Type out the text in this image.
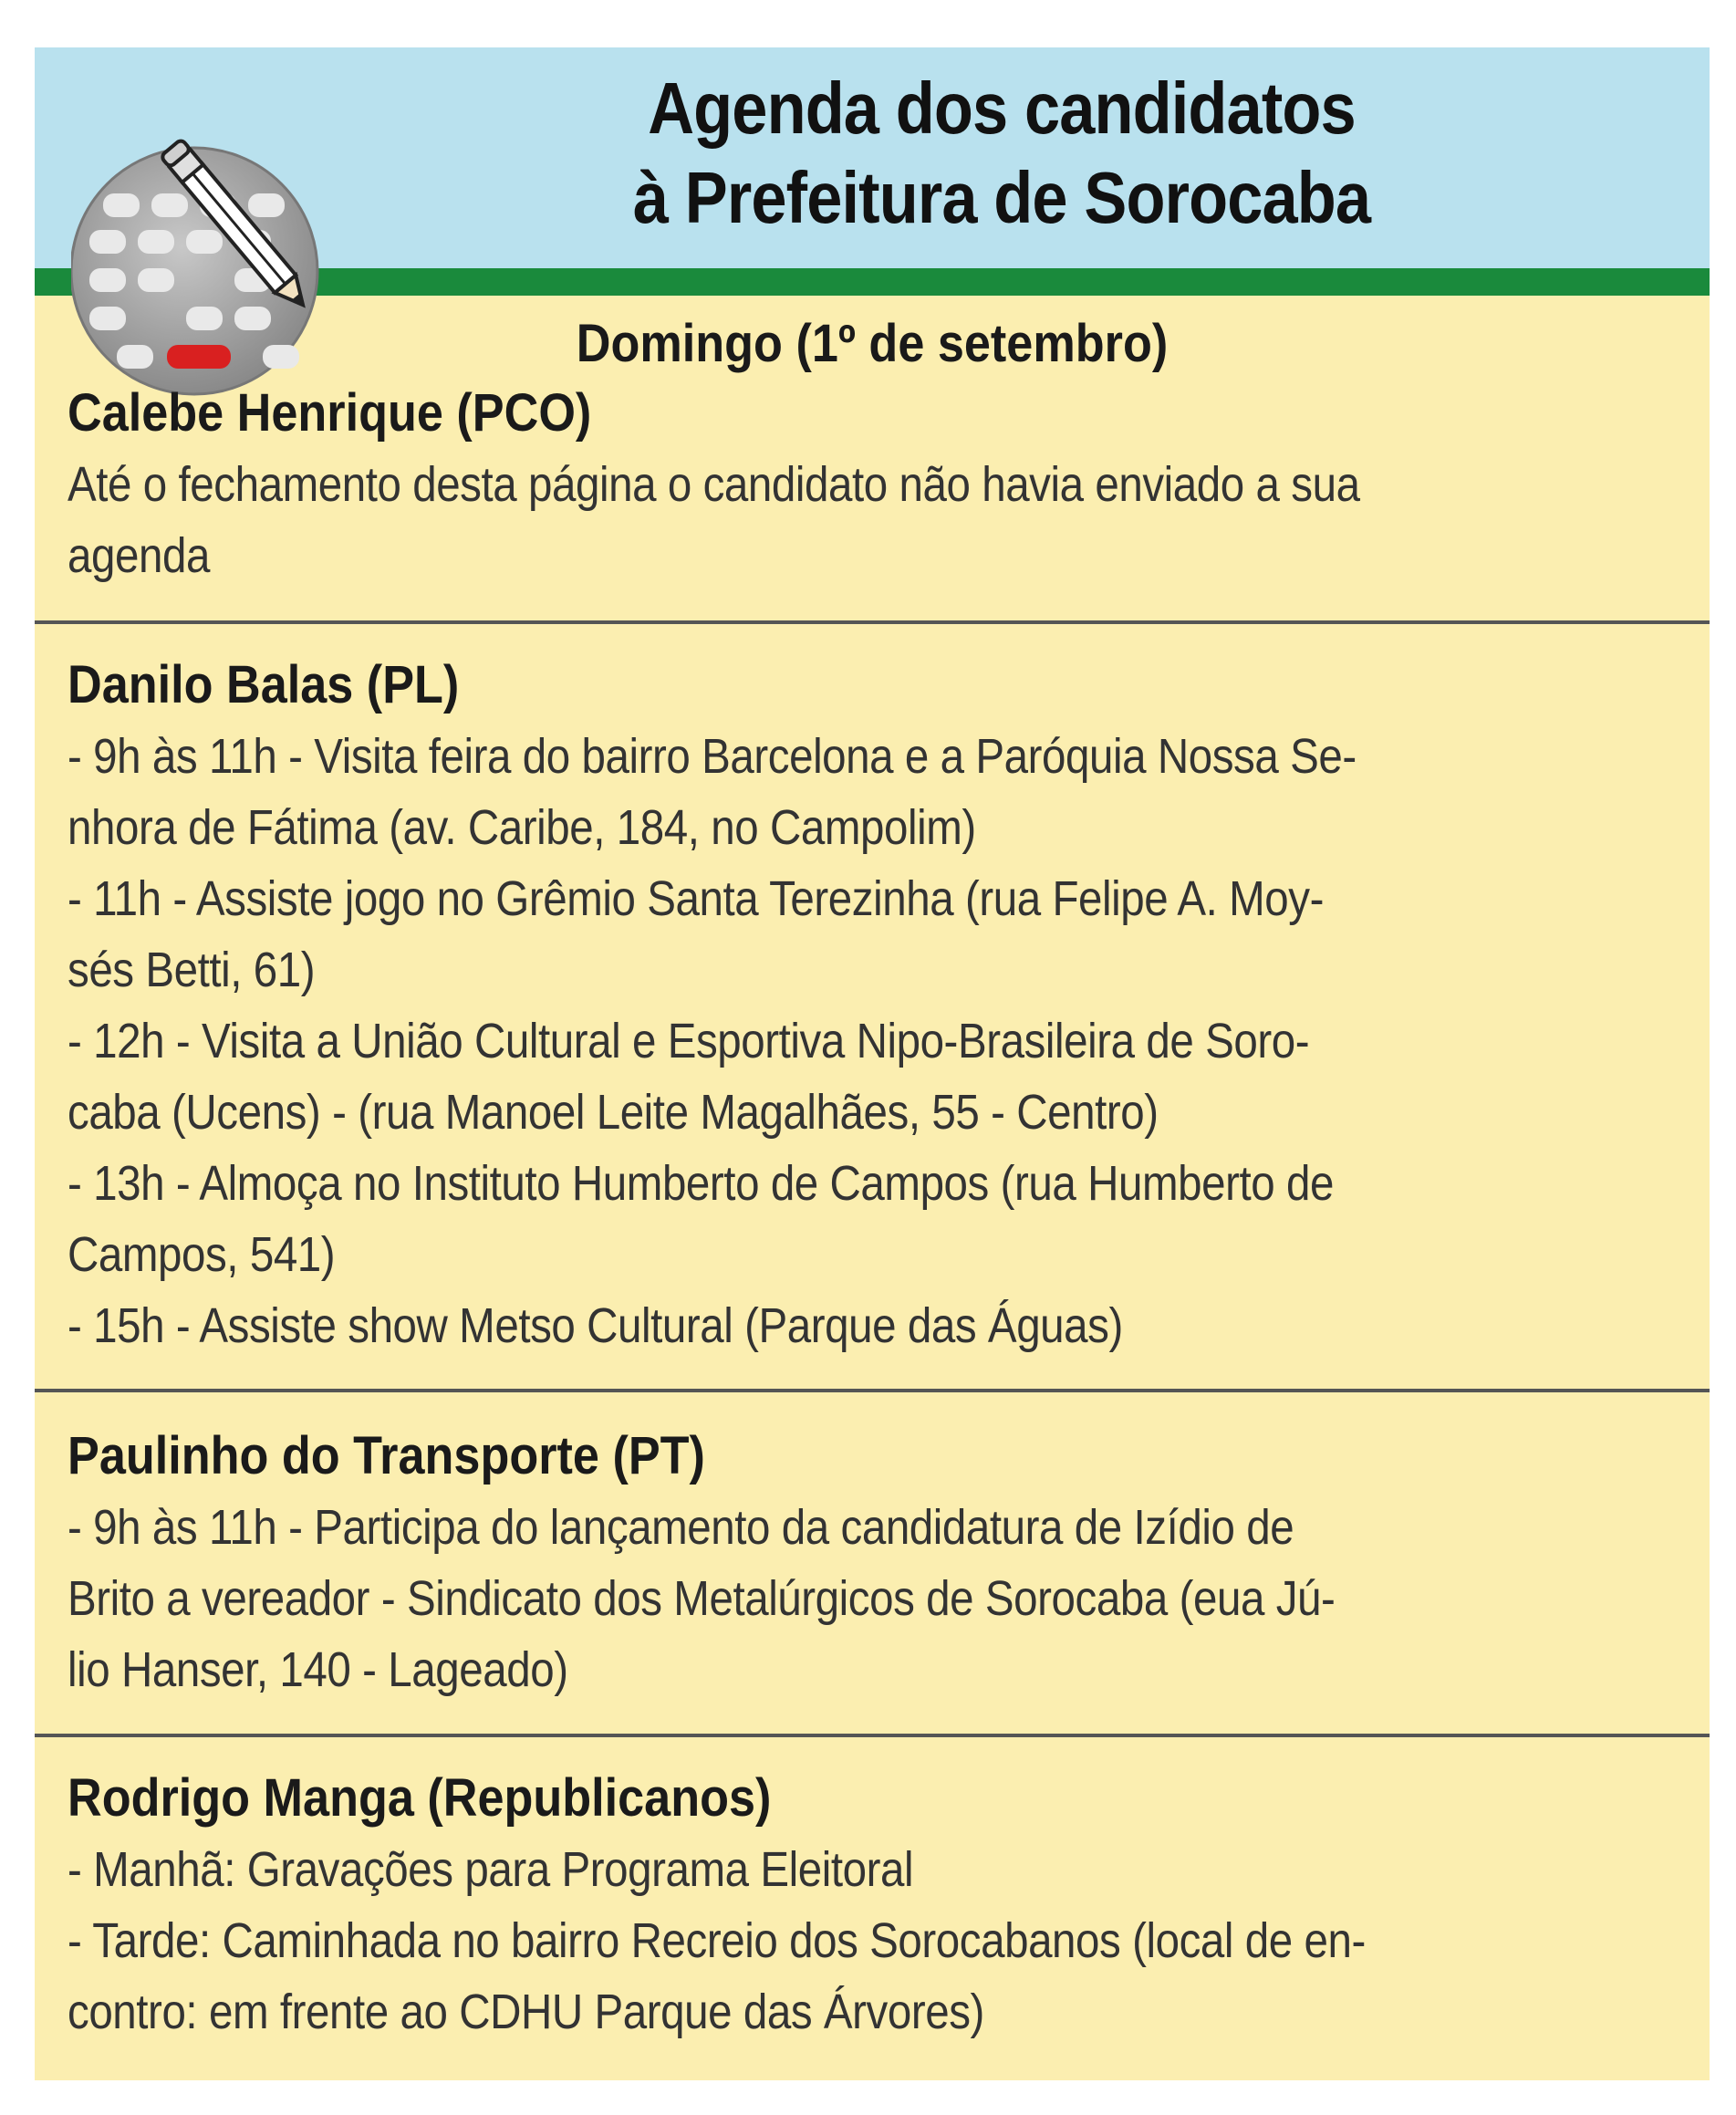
Agenda dos candidatos
à Prefeitura de Sorocaba
Domingo (1º de setembro)
Calebe Henrique (PCO)
Até o fechamento desta página o candidato não havia enviado a sua
agenda
Danilo Balas (PL)
- 9h às 11h - Visita feira do bairro Barcelona e a Paróquia Nossa Se-
nhora de Fátima (av. Caribe, 184, no Campolim)
- 11h - Assiste jogo no Grêmio Santa Terezinha (rua Felipe A. Moy-
sés Betti, 61)
- 12h - Visita a União Cultural e Esportiva Nipo-Brasileira de Soro-
caba (Ucens) - (rua Manoel Leite Magalhães, 55 - Centro)
- 13h - Almoça no Instituto Humberto de Campos (rua Humberto de
Campos, 541)
- 15h - Assiste show Metso Cultural (Parque das Águas)
Paulinho do Transporte (PT)
- 9h às 11h - Participa do lançamento da candidatura de Izídio de
Brito a vereador - Sindicato dos Metalúrgicos de Sorocaba (eua Jú-
lio Hanser, 140 - Lageado)
Rodrigo Manga (Republicanos)
- Manhã: Gravações para Programa Eleitoral
- Tarde: Caminhada no bairro Recreio dos Sorocabanos (local de en-
contro: em frente ao CDHU Parque das Árvores)
